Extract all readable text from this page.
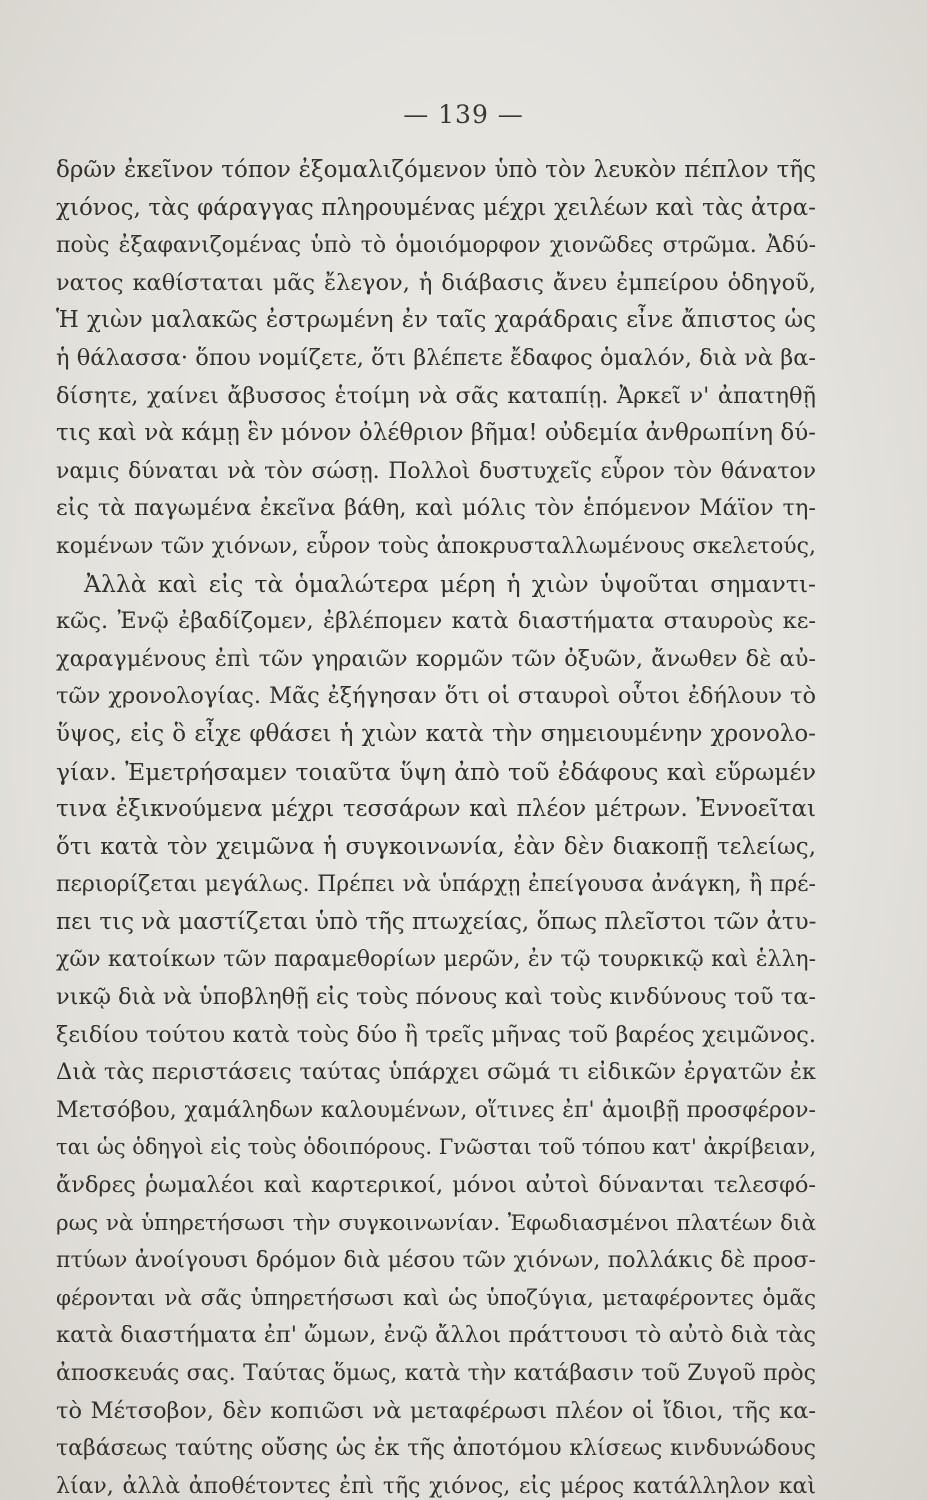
— 139 —
δρῶν ἐκεῖνον τόπον ἐξομαλιζόμενον ὑπὸ τὸν λευκὸν πέπλον τῆς
χιόνος, τὰς φάραγγας πληρουμένας μέχρι χειλέων καὶ τὰς ἀτρα-
ποὺς ἐξαφανιζομένας ὑπὸ τὸ ὁμοιόμορφον χιονῶδες στρῶμα. Ἀδύ-
νατος καθίσταται μᾶς ἔλεγον, ἡ διάβασις ἄνευ ἐμπείρου ὁδηγοῦ,
Ἡ χιὼν μαλακῶς ἐστρωμένη ἐν ταῖς χαράδραις εἶνε ἄπιστος ὡς
ἡ θάλασσα· ὅπου νομίζετε, ὅτι βλέπετε ἔδαφος ὁμαλόν, διὰ νὰ βα-
δίσητε, χαίνει ἄβυσσος ἑτοίμη νὰ σᾶς καταπίῃ. Ἀρκεῖ ν' ἀπατηθῇ
τις καὶ νὰ κάμῃ ἓν μόνον ὀλέθριον βῆμα! οὐδεμία ἀνθρωπίνη δύ-
ναμις δύναται νὰ τὸν σώσῃ. Πολλοὶ δυστυχεῖς εὗρον τὸν θάνατον
εἰς τὰ παγωμένα ἐκεῖνα βάθη, καὶ μόλις τὸν ἑπόμενον Μάϊον τη-
κομένων τῶν χιόνων, εὗρον τοὺς ἀποκρυσταλλωμένους σκελετούς,
Ἀλλὰ καὶ εἰς τὰ ὁμαλώτερα μέρη ἡ χιὼν ὑψοῦται σημαντι-
κῶς. Ἐνῷ ἐβαδίζομεν, ἐβλέπομεν κατὰ διαστήματα σταυροὺς κε-
χαραγμένους ἐπὶ τῶν γηραιῶν κορμῶν τῶν ὀξυῶν, ἄνωθεν δὲ αὐ-
τῶν χρονολογίας. Μᾶς ἐξήγησαν ὅτι οἱ σταυροὶ οὗτοι ἐδήλουν τὸ
ὕψος, εἰς ὃ εἶχε φθάσει ἡ χιὼν κατὰ τὴν σημειουμένην χρονολο-
γίαν. Ἐμετρήσαμεν τοιαῦτα ὕψη ἀπὸ τοῦ ἐδάφους καὶ εὕρωμέν
τινα ἐξικνούμενα μέχρι τεσσάρων καὶ πλέον μέτρων. Ἐννοεῖται
ὅτι κατὰ τὸν χειμῶνα ἡ συγκοινωνία, ἐὰν δὲν διακοπῇ τελείως,
περιορίζεται μεγάλως. Πρέπει νὰ ὑπάρχῃ ἐπείγουσα ἀνάγκη, ἢ πρέ-
πει τις νὰ μαστίζεται ὑπὸ τῆς πτωχείας, ὅπως πλεῖστοι τῶν ἀτυ-
χῶν κατοίκων τῶν παραμεθορίων μερῶν, ἐν τῷ τουρκικῷ καὶ ἑλλη-
νικῷ διὰ νὰ ὑποβληθῇ εἰς τοὺς πόνους καὶ τοὺς κινδύνους τοῦ τα-
ξειδίου τούτου κατὰ τοὺς δύο ἢ τρεῖς μῆνας τοῦ βαρέος χειμῶνος.
Διὰ τὰς περιστάσεις ταύτας ὑπάρχει σῶμά τι εἰδικῶν ἐργατῶν ἐκ
Μετσόβου, χαμάληδων καλουμένων, οἵτινες ἐπ' ἀμοιβῇ προσφέρον-
ται ὡς ὁδηγοὶ εἰς τοὺς ὁδοιπόρους. Γνῶσται τοῦ τόπου κατ' ἀκρίβειαν,
ἄνδρες ῥωμαλέοι καὶ καρτερικοί, μόνοι αὐτοὶ δύνανται τελεσφό-
ρως νὰ ὑπηρετήσωσι τὴν συγκοινωνίαν. Ἐφωδιασμένοι πλατέων διὰ
πτύων ἀνοίγουσι δρόμον διὰ μέσου τῶν χιόνων, πολλάκις δὲ προσ-
φέρονται νὰ σᾶς ὑπηρετήσωσι καὶ ὡς ὑποζύγια, μεταφέροντες ὁμᾶς
κατὰ διαστήματα ἐπ' ὤμων, ἐνῷ ἄλλοι πράττουσι τὸ αὐτὸ διὰ τὰς
ἀποσκευάς σας. Ταύτας ὅμως, κατὰ τὴν κατάβασιν τοῦ Ζυγοῦ πρὸς
τὸ Μέτσοβον, δὲν κοπιῶσι νὰ μεταφέρωσι πλέον οἱ ἴδιοι, τῆς κα-
ταβάσεως ταύτης οὔσης ὡς ἐκ τῆς ἀποτόμου κλίσεως κινδυνώδους
λίαν, ἀλλὰ ἀποθέτοντες ἐπὶ τῆς χιόνος, εἰς μέρος κατάλληλον καὶ
